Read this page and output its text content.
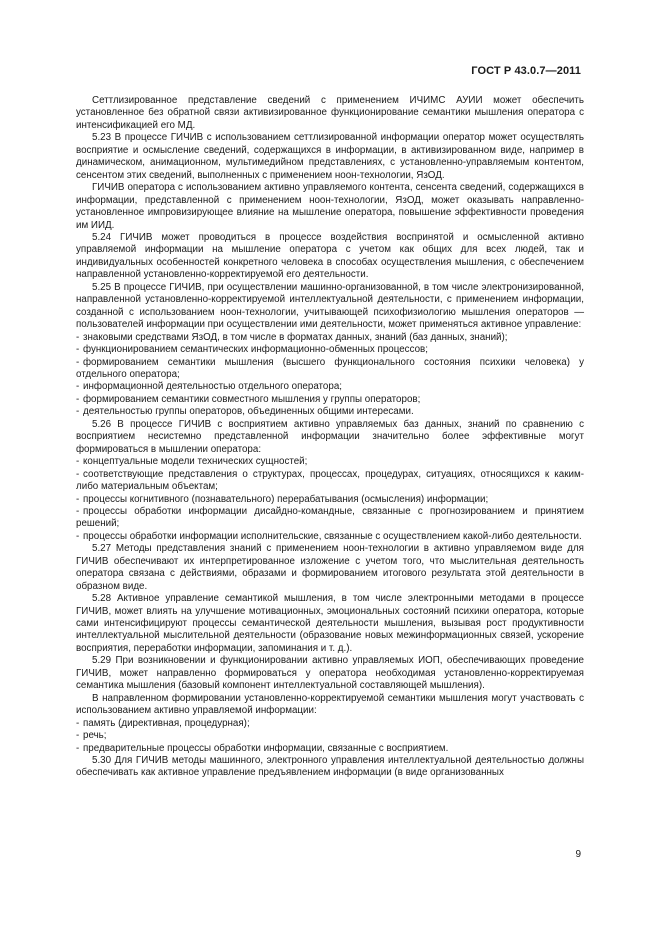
ГОСТ Р 43.0.7—2011

Сеттлизированное представление сведений с применением ИЧИМС АУИИ может обеспечить установленное без обратной связи активизированное функционирование семантики мышления оператора с интенсификацией его МД.

5.23 В процессе ГИЧИВ с использованием сеттлизированной информации оператор может осуществлять восприятие и осмысление сведений, содержащихся в информации, в активизированном виде, например в динамическом, анимационном, мультимедийном представлениях, с установленно-управляемым контентом, сенсентом этих сведений, выполненных с применением ноон-технологии, ЯзОД.

ГИЧИВ оператора с использованием активно управляемого контента, сенсента сведений, содержащихся в информации, представленной с применением ноон-технологии, ЯзОД, может оказывать направленно-установленное импровизирующее влияние на мышление оператора, повышение эффективности проведения им ИИД.

5.24 ГИЧИВ может проводиться в процессе воздействия воспринятой и осмысленной активно управляемой информации на мышление оператора с учетом как общих для всех людей, так и индивидуальных особенностей конкретного человека в способах осуществления мышления, с обеспечением направленной установленно-корректируемой его деятельности.

5.25 В процессе ГИЧИВ, при осуществлении машинно-организованной, в том числе электронизированной, направленной установленно-корректируемой интеллектуальной деятельности, с применением информации, созданной с использованием ноон-технологии, учитывающей психофизиологию мышления операторов — пользователей информации при осуществлении ими деятельности, может применяться активное управление:

- знаковыми средствами ЯзОД, в том числе в форматах данных, знаний (баз данных, знаний);

- функционированием семантических информационно-обменных процессов;

- формированием семантики мышления (высшего функционального состояния психики человека) у отдельного оператора;

- информационной деятельностью отдельного оператора;

- формированием семантики совместного мышления у группы операторов;

- деятельностью группы операторов, объединенных общими интересами.

5.26 В процессе ГИЧИВ с восприятием активно управляемых баз данных, знаний по сравнению с восприятием несистемно представленной информации значительно более эффективные могут формироваться в мышлении оператора:

- концептуальные модели технических сущностей;

- соответствующие представления о структурах, процессах, процедурах, ситуациях, относящихся к каким-либо материальным объектам;

- процессы когнитивного (познавательного) перерабатывания (осмысления) информации;

- процессы обработки информации дисайдно-командные, связанные с прогнозированием и принятием решений;

- процессы обработки информации исполнительские, связанные с осуществлением какой-либо деятельности.

5.27 Методы представления знаний с применением ноон-технологии в активно управляемом виде для ГИЧИВ обеспечивают их интерпретированное изложение с учетом того, что мыслительная деятельность оператора связана с действиями, образами и формированием итогового результата этой деятельности в образном виде.

5.28 Активное управление семантикой мышления, в том числе электронными методами в процессе ГИЧИВ, может влиять на улучшение мотивационных, эмоциональных состояний психики оператора, которые сами интенсифицируют процессы семантической деятельности мышления, вызывая рост продуктивности интеллектуальной мыслительной деятельности (образование новых межинформационных связей, ускорение восприятия, переработки информации, запоминания и т. д.).

5.29 При возникновении и функционировании активно управляемых ИОП, обеспечивающих проведение ГИЧИВ, может направленно формироваться у оператора необходимая установленно-корректируемая семантика мышления (базовый компонент интеллектуальной составляющей мышления).

В направленном формировании установленно-корректируемой семантики мышления могут участвовать с использованием активно управляемой информации:

- память (директивная, процедурная);

- речь;

- предварительные процессы обработки информации, связанные с восприятием.

5.30 Для ГИЧИВ методы машинного, электронного управления интеллектуальной деятельностью должны обеспечивать как активное управление предъявлением информации (в виде организованных

9
